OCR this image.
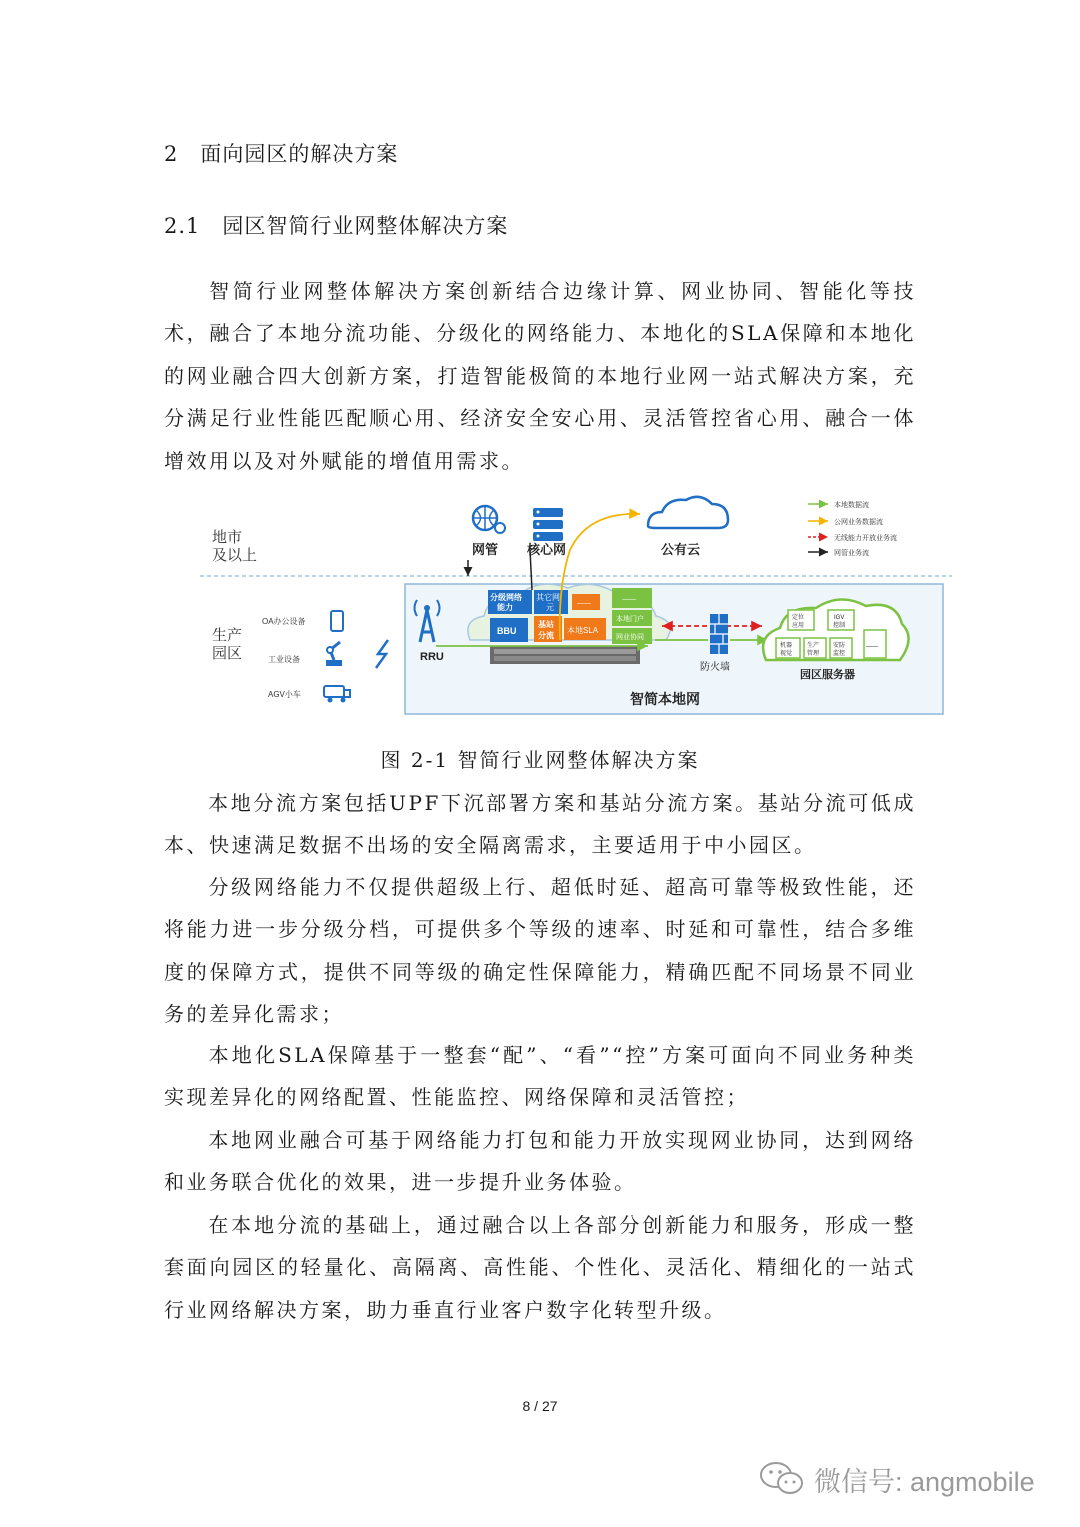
2 面向园区的解决方案
2.1 园区智简行业网整体解决方案

智简行业网整体解决方案创新结合边缘计算、网业协同、智能化等技术，融合了本地分流功能、分级化的网络能力、本地化的SLA保障和本地化的网业融合四大创新方案，打造智能极简的本地行业网一站式解决方案，充分满足行业性能匹配顺心用、经济安全安心用、灵活管控省心用、融合一体增效用以及对外赋能的增值用需求。

地市
及以上
生产
园区
网管 核心网	公有云
本地数据流
公网业务数据流
无线能力开放业务流
网管业务流
OA办公设备
工业设备
AGV小车	智简本地网
RRU
分级网络
能力
其它网
元	——
——
BBU
基站
分流
本地SLA
本地门户
网业协同
防火墙
定位
应用
IGV
控制
机器
视觉
生产
管理
安防
监控
——
园区服务器
图 2-1 智简行业网整体解决方案

本地分流方案包括UPF下沉部署方案和基站分流方案。基站分流可低成本、快速满足数据不出场的安全隔离需求，主要适用于中小园区。

分级网络能力不仅提供超级上行、超低时延、超高可靠等极致性能，还将能力进一步分级分档，可提供多个等级的速率、时延和可靠性，结合多维度的保障方式，提供不同等级的确定性保障能力，精确匹配不同场景不同业务的差异化需求；

本地化SLA保障基于一整套“配”、“看”“控”方案可面向不同业务种类实现差异化的网络配置、性能监控、网络保障和灵活管控；

本地网业融合可基于网络能力打包和能力开放实现网业协同，达到网络和业务联合优化的效果，进一步提升业务体验。

在本地分流的基础上，通过融合以上各部分创新能力和服务，形成一整套面向园区的轻量化、高隔离、高性能、个性化、灵活化、精细化的一站式行业网络解决方案，助力垂直行业客户数字化转型升级。

8 / 27
微信号: angmobile
